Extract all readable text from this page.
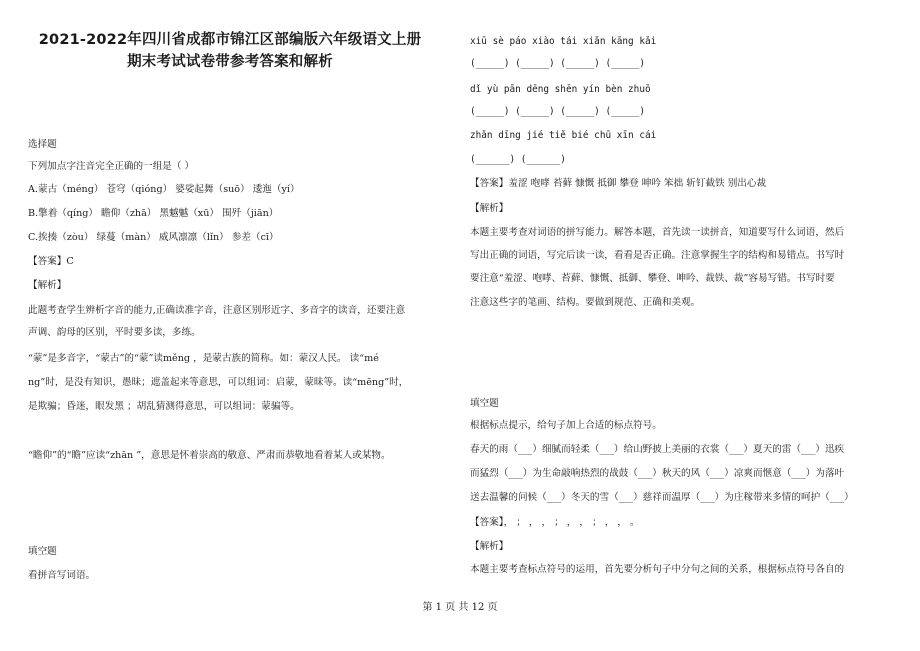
2021-2022年四川省成都市锦江区部编版六年级语文上册
期末考试试卷带参考答案和解析
选择题
下列加点字注音完全正确的一组是（ ）
A.蒙古（méng） 苍穹（qióng） 婆娑起舞（suō） 逶迤（yí）
B.擎着（qíng） 瞻仰（zhā） 黑魆魆（xū） 围歼（jiān）
C.挨揍（zòu） 绿蔓（màn） 威风凛凛（lǐn） 参差（cī）
【答案】C
【解析】
此题考查学生辨析字音的能力,正确读准字音，注意区别形近字、多音字的读音，还要注意
声调、韵母的区别，平时要多读，多练。
“蒙”是多音字，“蒙古”的“蒙”读měng ，是蒙古族的简称。如：蒙汉人民。 读“mé
ng”时，是没有知识，愚昧；遮盖起来等意思，可以组词：启蒙，蒙昧等。读“mēng”时，
是欺骗；昏迷，眼发黑 ；胡乱猜测得意思，可以组词：蒙骗等。
“瞻仰”的“瞻”应读“zhān ”，意思是怀着崇高的敬意、严肃而恭敬地看着某人或某物。
填空题
看拼音写词语。
xiū sè páo xiào tái xiǎn kāng kǎi
(_____) (_____) (_____) (_____)
dǐ yù pān dēng shēn yín bèn zhuō
(_____) (_____) (_____) (_____)
zhǎn dīng jié tiě bié chū xīn cái
(______) (______)
【答案】羞涩 咆哮 苔藓 慷慨 抵御 攀登 呻吟 笨拙 斩钉截铁 别出心裁
【解析】
本题主要考查对词语的拼写能力。解答本题，首先读一读拼音，知道要写什么词语，然后
写出正确的词语，写完后读一读，看看是否正确。注意掌握生字的结构和易错点。书写时
要注意“羞涩、咆哮、苔藓、慷慨、抵御、攀登、呻吟、裁铁、裁”容易写错。书写时要
注意这些字的笔画、结构。要做到规范、正确和美观。
填空题
根据标点提示，给句子加上合适的标点符号。
春天的雨（___）细腻而轻柔（___）给山野披上美丽的衣裳（___）夏天的雷（___）迅疾
而猛烈（___）为生命敲响热烈的战鼓（___）秋天的风（___）凉爽而惬意（___）为落叶
送去温馨的问候（___）冬天的雪（___）慈祥而温厚（___）为庄稼带来多情的呵护（___）
【答案】， ； ， ， ； ， ， ； ， ， 。
【解析】
本题主要考查标点符号的运用，首先要分析句子中分句之间的关系，根据标点符号各自的
第 1 页 共 12 页
